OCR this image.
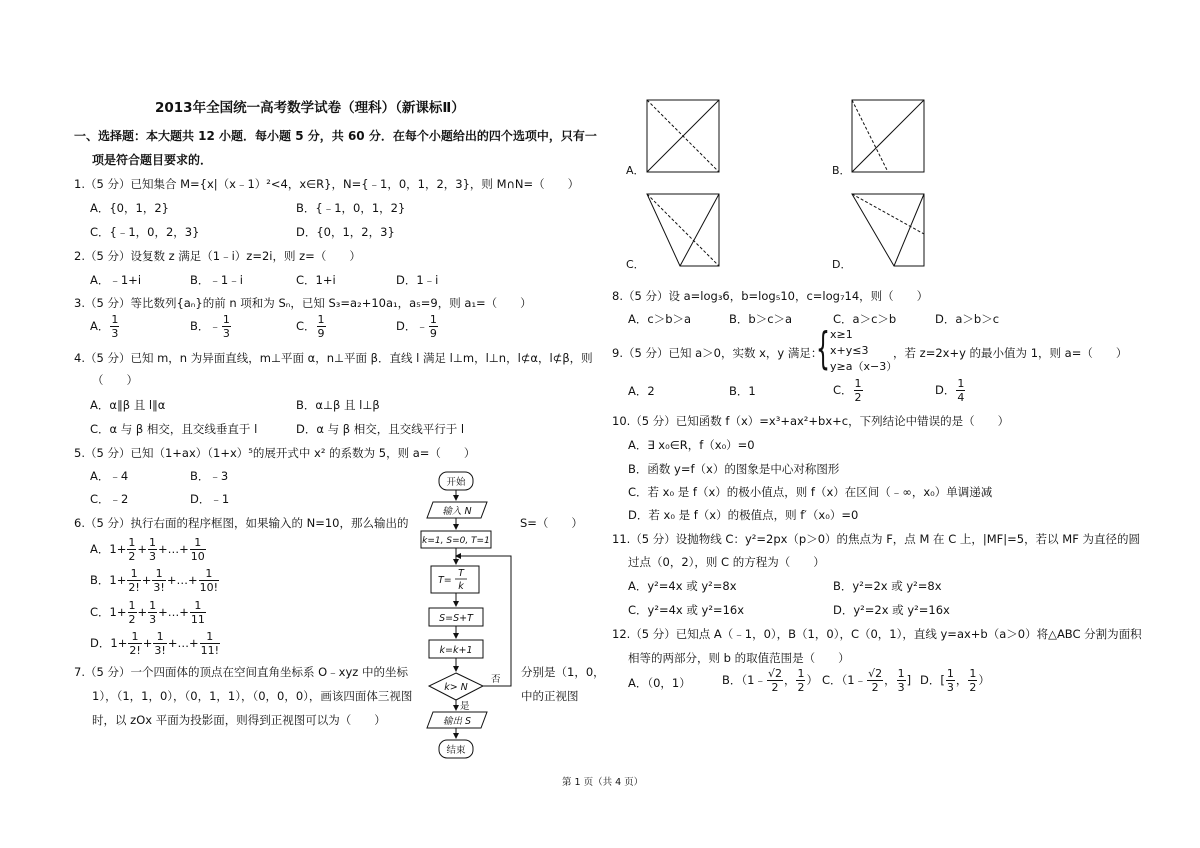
2013年全国统一高考数学试卷（理科）（新课标Ⅱ）
一、选择题：本大题共 12 小题．每小题 5 分，共 60 分．在每个小题给出的四个选项中，只有一
项是符合题目要求的．
1.（5 分）已知集合 M={x|（x﹣1）²<4，x∈R}，N={﹣1，0，1，2，3}，则 M∩N=（　　）
A．{0，1，2}	B．{﹣1，0，1，2}
C．{﹣1，0，2，3}	D．{0，1，2，3}
2.（5 分）设复数 z 满足（1﹣i）z=2i，则 z=（　　）
A．﹣1+i	B．﹣1﹣i	C．1+i	D．1﹣i
3.（5 分）等比数列{aₙ}的前 n 项和为 Sₙ，已知 S₃=a₂+10a₁，a₅=9，则 a₁=（　　）
A． $\frac{1}{3}$	B．﹣ $\frac{1}{3}$	C． $\frac{1}{9}$	D．﹣ $\frac{1}{9}$
4.（5 分）已知 m，n 为异面直线，m⊥平面 α，n⊥平面 β．直线 l 满足 l⊥m，l⊥n，l⊄α，l⊄β，则
（　　）
A．α∥β 且 l∥α	B．α⊥β 且 l⊥β
C．α 与 β 相交，且交线垂直于 l	D．α 与 β 相交，且交线平行于 l
5.（5 分）已知（1+ax）（1+x）⁵的展开式中 x² 的系数为 5，则 a=（　　）
A．﹣4	B．﹣3
C．﹣2	D．﹣1
6.（5 分）执行右面的程序框图，如果输入的 N=10，那么输出的	S=（　　）
A．$1+ \frac{1}{2} + \frac{1}{3}$ +…+ $\frac{1}{10}$
B．$1+ \frac{1}{2!} + \frac{1}{3!}$ +…+ $\frac{1}{10!}$
C．$1+ \frac{1}{2} + \frac{1}{3}$ +…+ $\frac{1}{11}$
D．$1+ \frac{1}{2!} + \frac{1}{3!}$ +…+ $\frac{1}{11!}$
7.（5 分）一个四面体的顶点在空间直角坐标系 O﹣xyz 中的坐标	分别是（1，0，
1），（1，1，0），（0，1，1），（0，0，0），画该四面体三视图	中的正视图
时，以 zOx 平面为投影面，则得到正视图可以为（　　）
开始
输入 N
k=1, S=0, T=1
T=
T
k
S=S+T
k=k+1
k> N
否
是
输出 S
结束
A．
C．
B．
D．
8.（5 分）设 a=log₃6，b=log₅10，c=log₇14，则（　　）
A．c＞b＞a	B．b＞c＞a	C．a＞c＞b	D．a＞b＞c
9.（5 分）已知 a＞0，实数 x，y 满足：
{ x≥1
x+y≤3
y≥a（x−3）
，若 z=2x+y 的最小值为 1，则 a=（　　）
A．2	B．1	C． $\frac{1}{2}$	D． $\frac{1}{4}$
10.（5 分）已知函数 f（x）=x³+ax²+bx+c，下列结论中错误的是（　　）
A．∃ x₀∈R，f（x₀）=0
B．函数 y=f（x）的图象是中心对称图形
C．若 x₀ 是 f（x）的极小值点，则 f（x）在区间（﹣∞，x₀）单调递减
D．若 x₀ 是 f（x）的极值点，则 f′（x₀）=0
11.（5 分）设抛物线 C：y²=2px（p＞0）的焦点为 F，点 M 在 C 上，|MF|=5，若以 MF 为直径的圆
过点（0，2），则 C 的方程为（　　）
A．y²=4x 或 y²=8x	B．y²=2x 或 y²=8x
C．y²=4x 或 y²=16x	D．y²=2x 或 y²=16x
12.（5 分）已知点 A（﹣1，0），B（1，0），C（0，1），直线 y=ax+b（a＞0）将△ABC 分割为面积
相等的两部分，则 b 的取值范围是（　　）
A．（0，1）	B．（1﹣ $\frac{√2}{2}$ ， $\frac{1}{2}$ ） C．（1﹣ $\frac{√2}{2}$ ， $\frac{1}{3}$ ] D．[ $\frac{1}{3}$ ， $\frac{1}{2}$ ）
第 1 页（共 4 页）
